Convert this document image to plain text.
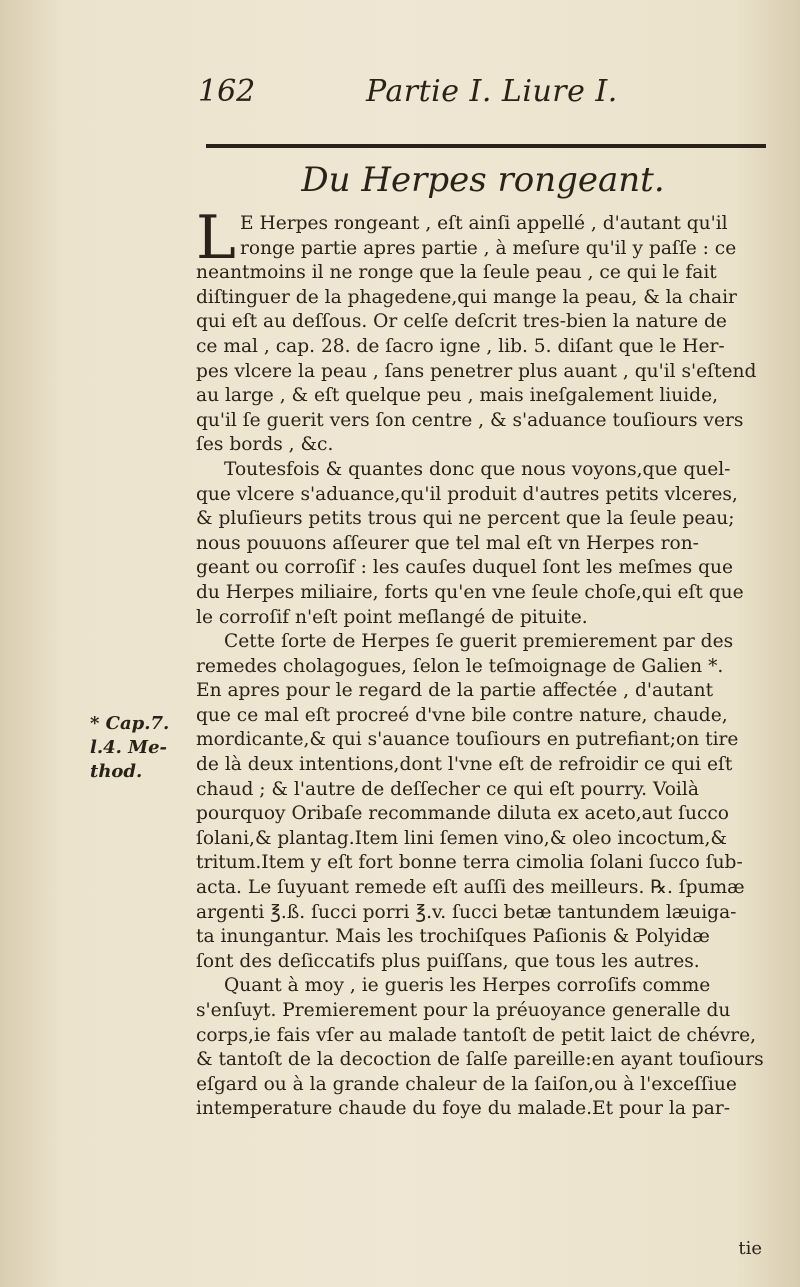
162	Partie I. Liure I.
Du Herpes rongeant.
L E Herpes rongeant , eſt ainſi appellé , d'autant qu'il
ronge partie apres partie , à meſure qu'il y paſſe : ce
neantmoins il ne ronge que la ſeule peau , ce qui le fait
diſtinguer de la phagedene,qui mange la peau, & la chair
qui eſt au deſſous. Or celſe deſcrit tres-bien la nature de
ce mal , cap. 28. de ſacro igne , lib. 5. diſant que le Her-
pes vlcere la peau , ſans penetrer plus auant , qu'il s'eſtend
au large , & eſt quelque peu , mais ineſgalement liuide,
qu'il ſe guerit vers ſon centre , & s'aduance touſiours vers
ſes bords , &c.
Toutesfois & quantes donc que nous voyons,que quel-
que vlcere s'aduance,qu'il produit d'autres petits vlceres,
& pluſieurs petits trous qui ne percent que la ſeule peau;
nous pouuons aſſeurer que tel mal eſt vn Herpes ron-
geant ou corroſif : les cauſes duquel ſont les meſmes que
du Herpes miliaire, forts qu'en vne ſeule choſe,qui eſt que
le corroſif n'eſt point meſlangé de pituite.
Cette ſorte de Herpes ſe guerit premierement par des
remedes cholagogues, ſelon le teſmoignage de Galien *.
En apres pour le regard de la partie affectée , d'autant
que ce mal eſt procreé d'vne bile contre nature, chaude,
mordicante,& qui s'auance touſiours en putrefiant;on tire
de là deux intentions,dont l'vne eſt de refroidir ce qui eſt
chaud ; & l'autre de deſſecher ce qui eſt pourry. Voilà
pourquoy Oribaſe recommande diluta ex aceto,aut ſucco
ſolani,& plantag.Item lini ſemen vino,& oleo incoctum,&
tritum.Item y eſt fort bonne terra cimolia ſolani ſucco ſub-
acta. Le ſuyuant remede eſt auſſi des meilleurs. ℞. ſpumæ
argenti ℥.ß. ſucci porri ℥.v. ſucci betæ tantundem læuiga-
ta inungantur. Mais les trochiſques Paſionis & Polyidæ
ſont des deſiccatifs plus puiſſans, que tous les autres.
Quant à moy , ie gueris les Herpes corroſifs comme
s'enſuyt. Premierement pour la préuoyance generalle du
corps,ie fais vſer au malade tantoſt de petit laict de chévre,
& tantoſt de la decoction de ſalſe pareille:en ayant touſiours
eſgard ou à la grande chaleur de la ſaiſon,ou à l'exceſſiue
intemperature chaude du foye du malade.Et pour la par-
* Cap.7.
l.4. Me-
thod.
tie
